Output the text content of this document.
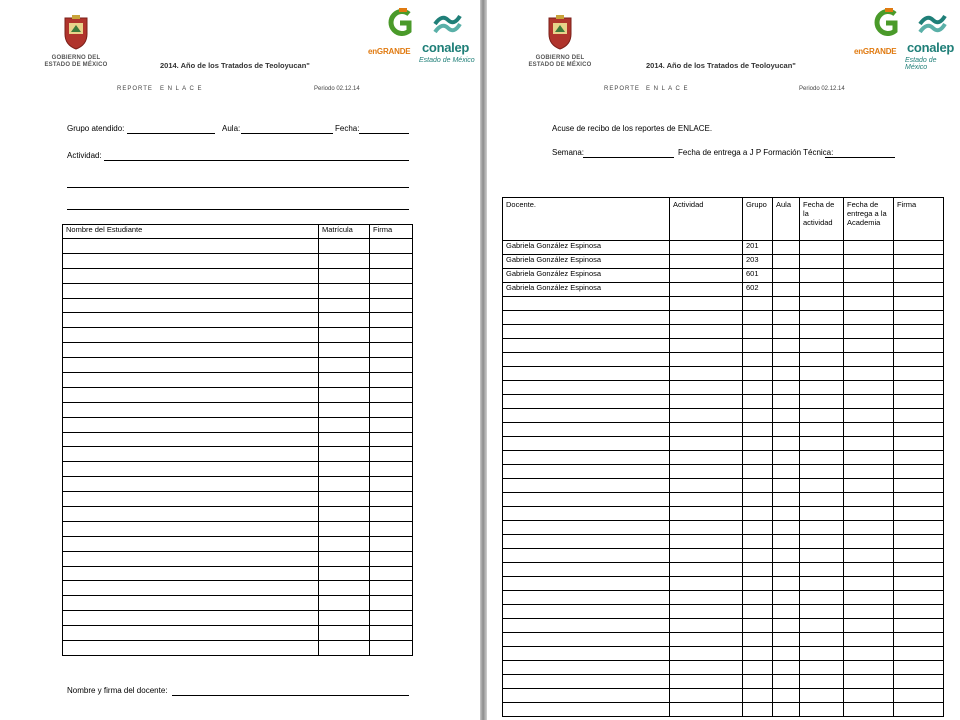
GOBIERNO DEL
ESTADO DE MÉXICO	2014. Año de los Tratados de Teoloyucan"
enGRANDE conalep
Estado de México
REPORTE E N L A C E	Periodo 02.12.14
Grupo atendido:	Aula:	Fecha:
Actividad:
Nombre del Estudiante	Matrícula	Firma

Nombre y firma del docente:
GOBIERNO DEL
ESTADO DE MÉXICO	2014. Año de los Tratados de Teoloyucan"
enGRANDE conalep
Estado de México
REPORTE E N L A C E	Periodo 02.12.14
Acuse de recibo de los reportes de ENLACE.
Semana:	Fecha de entrega a J P Formación Técnica:
Docente.	Actividad	Grupo	Aula	Fecha de la actividad	Fecha de entrega a la Academia	Firma
Gabriela González Espinosa		201				
Gabriela González Espinosa		203				
Gabriela González Espinosa		601				
Gabriela González Espinosa		602				
